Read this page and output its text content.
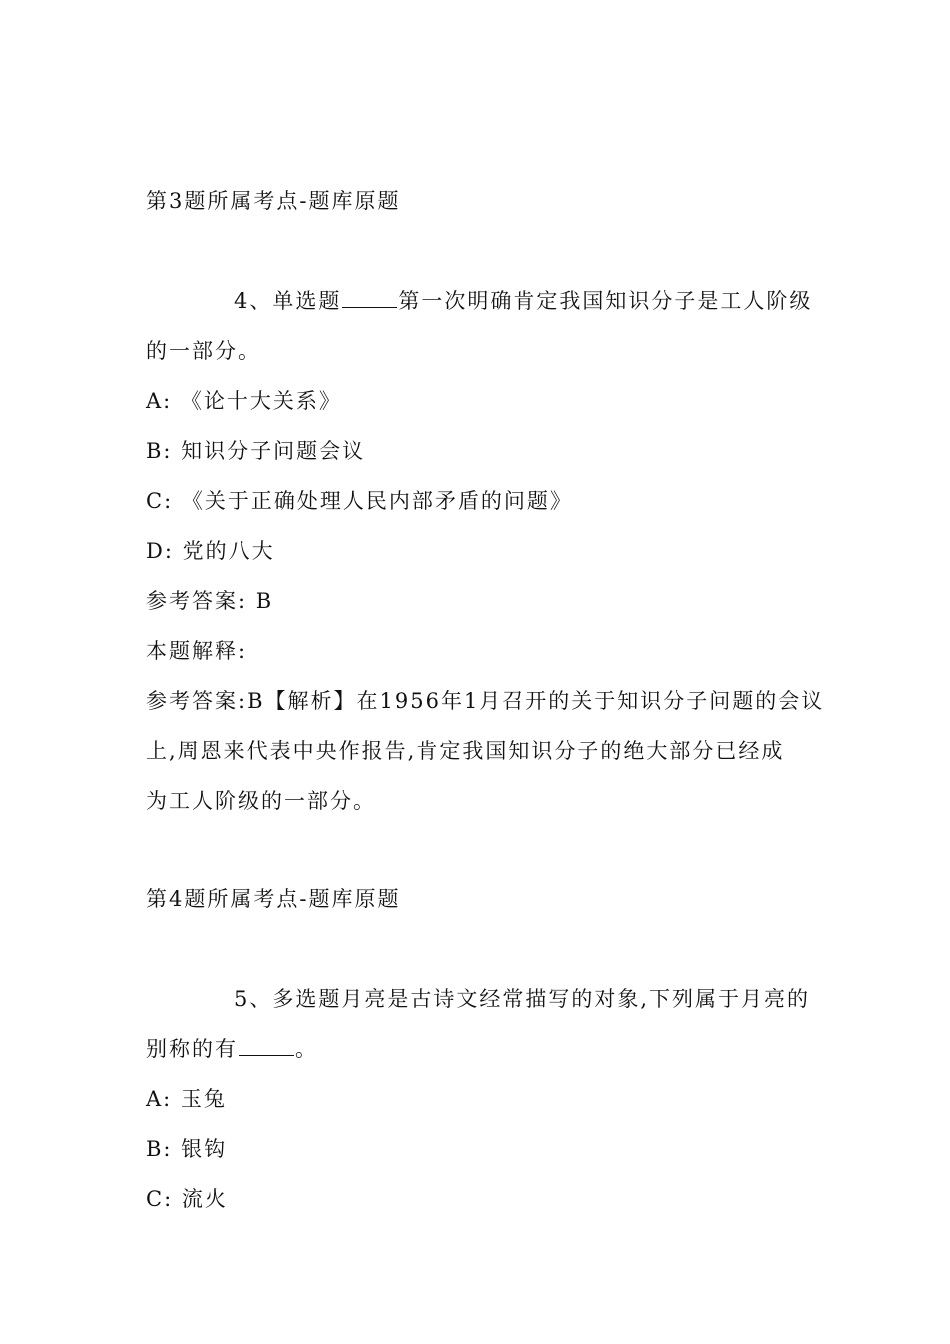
第3题所属考点-题库原题
4、单选题	第一次明确肯定我国知识分子是工人阶级
的一部分。
A: 《论十大关系》
B: 知识分子问题会议
C: 《关于正确处理人民内部矛盾的问题》
D: 党的八大
参考答案: B
本题解释:
参考答案:B【解析】在1956年1月召开的关于知识分子问题的会议
上,周恩来代表中央作报告,肯定我国知识分子的绝大部分已经成
为工人阶级的一部分。
第4题所属考点-题库原题
5、多选题月亮是古诗文经常描写的对象,下列属于月亮的
别称的有	。
A: 玉兔
B: 银钩
C: 流火
